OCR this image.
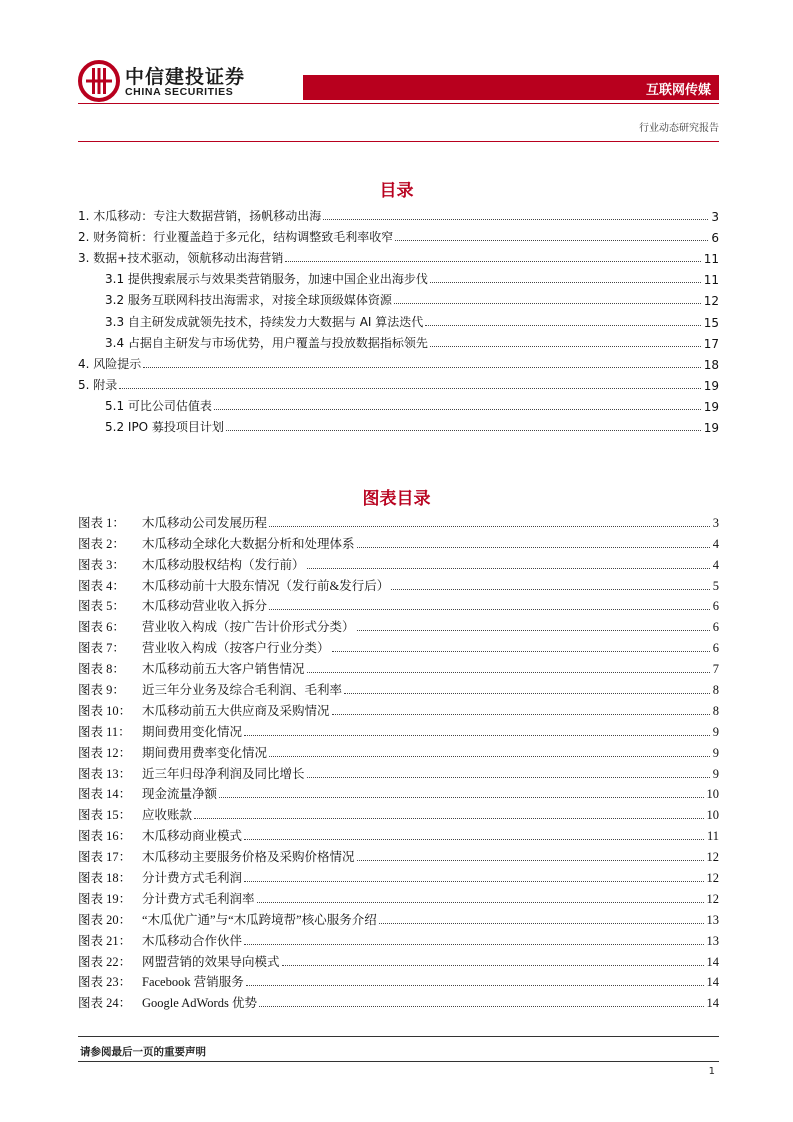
中信建投证券
CHINA SECURITIES	互联网传媒
行业动态研究报告
目录
1. 木瓜移动：专注大数据营销，扬帆移动出海	3
2. 财务简析：行业覆盖趋于多元化，结构调整致毛利率收窄	6
3. 数据+技术驱动，领航移动出海营销	11
3.1 提供搜索展示与效果类营销服务，加速中国企业出海步伐	11
3.2 服务互联网科技出海需求，对接全球顶级媒体资源	12
3.3 自主研发成就领先技术，持续发力大数据与 AI 算法迭代	15
3.4 占据自主研发与市场优势，用户覆盖与投放数据指标领先	17
4. 风险提示	18
5. 附录	19
5.1 可比公司估值表	19
5.2 IPO 募投项目计划	19
图表目录
图表 1：	木瓜移动公司发展历程	3
图表 2：	木瓜移动全球化大数据分析和处理体系	4
图表 3：	木瓜移动股权结构（发行前）	4
图表 4：	木瓜移动前十大股东情况（发行前&发行后）	5
图表 5：	木瓜移动营业收入拆分	6
图表 6：	营业收入构成（按广告计价形式分类）	6
图表 7：	营业收入构成（按客户行业分类）	6
图表 8：	木瓜移动前五大客户销售情况	7
图表 9：	近三年分业务及综合毛利润、毛利率	8
图表 10： 木瓜移动前五大供应商及采购情况	8
图表 11： 期间费用变化情况	9
图表 12： 期间费用费率变化情况	9
图表 13： 近三年归母净利润及同比增长	9
图表 14： 现金流量净额	10
图表 15： 应收账款	10
图表 16： 木瓜移动商业模式	11
图表 17： 木瓜移动主要服务价格及采购价格情况	12
图表 18： 分计费方式毛利润	12
图表 19： 分计费方式毛利润率	12
图表 20： “木瓜优广通”与“木瓜跨境帮”核心服务介绍	13
图表 21： 木瓜移动合作伙伴	13
图表 22： 网盟营销的效果导向模式	14
图表 23： Facebook 营销服务	14
图表 24： Google AdWords 优势	14
请参阅最后一页的重要声明
1
